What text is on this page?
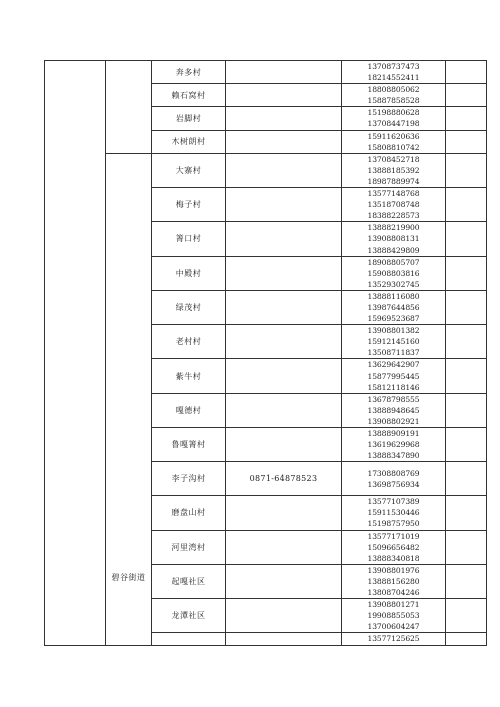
		奔多村		13708737473
18214552411	

		赖石窝村		18808805062
15887858528	

		岩脚村		15198880628
13708447198	

		木树朗村		15911620636
15808810742	

	碧谷街道	大寨村		13708452718
13888185392
18987889974	

		梅子村		13577148768
13518708748
18388228573	

		箐口村		13888219900
13908808131
13888429809	

		中殿村		18908805707
15908803816
13529302745	

		绿茂村		13888116080
13987644856
15969523687	

		老村村		13908801382
15912145160
13508711837	

		紫牛村		13629642907
15877995445
15812118146	

		嘎德村		13678798555
13888948645
13908802921	

		鲁嘎箐村		13888909191
13619629968
13888347890	

		李子沟村	0871-64878523	17308808769
13698756934	

		磨盘山村		13577107389
15911530446
15198757950	

		河里湾村		13577171019
15096656482
13888340818	

		起嘎社区		13908801976
13888156280
13808704246	

		龙潭社区		13908801271
19908855053
13700604247	

				13577125625	
